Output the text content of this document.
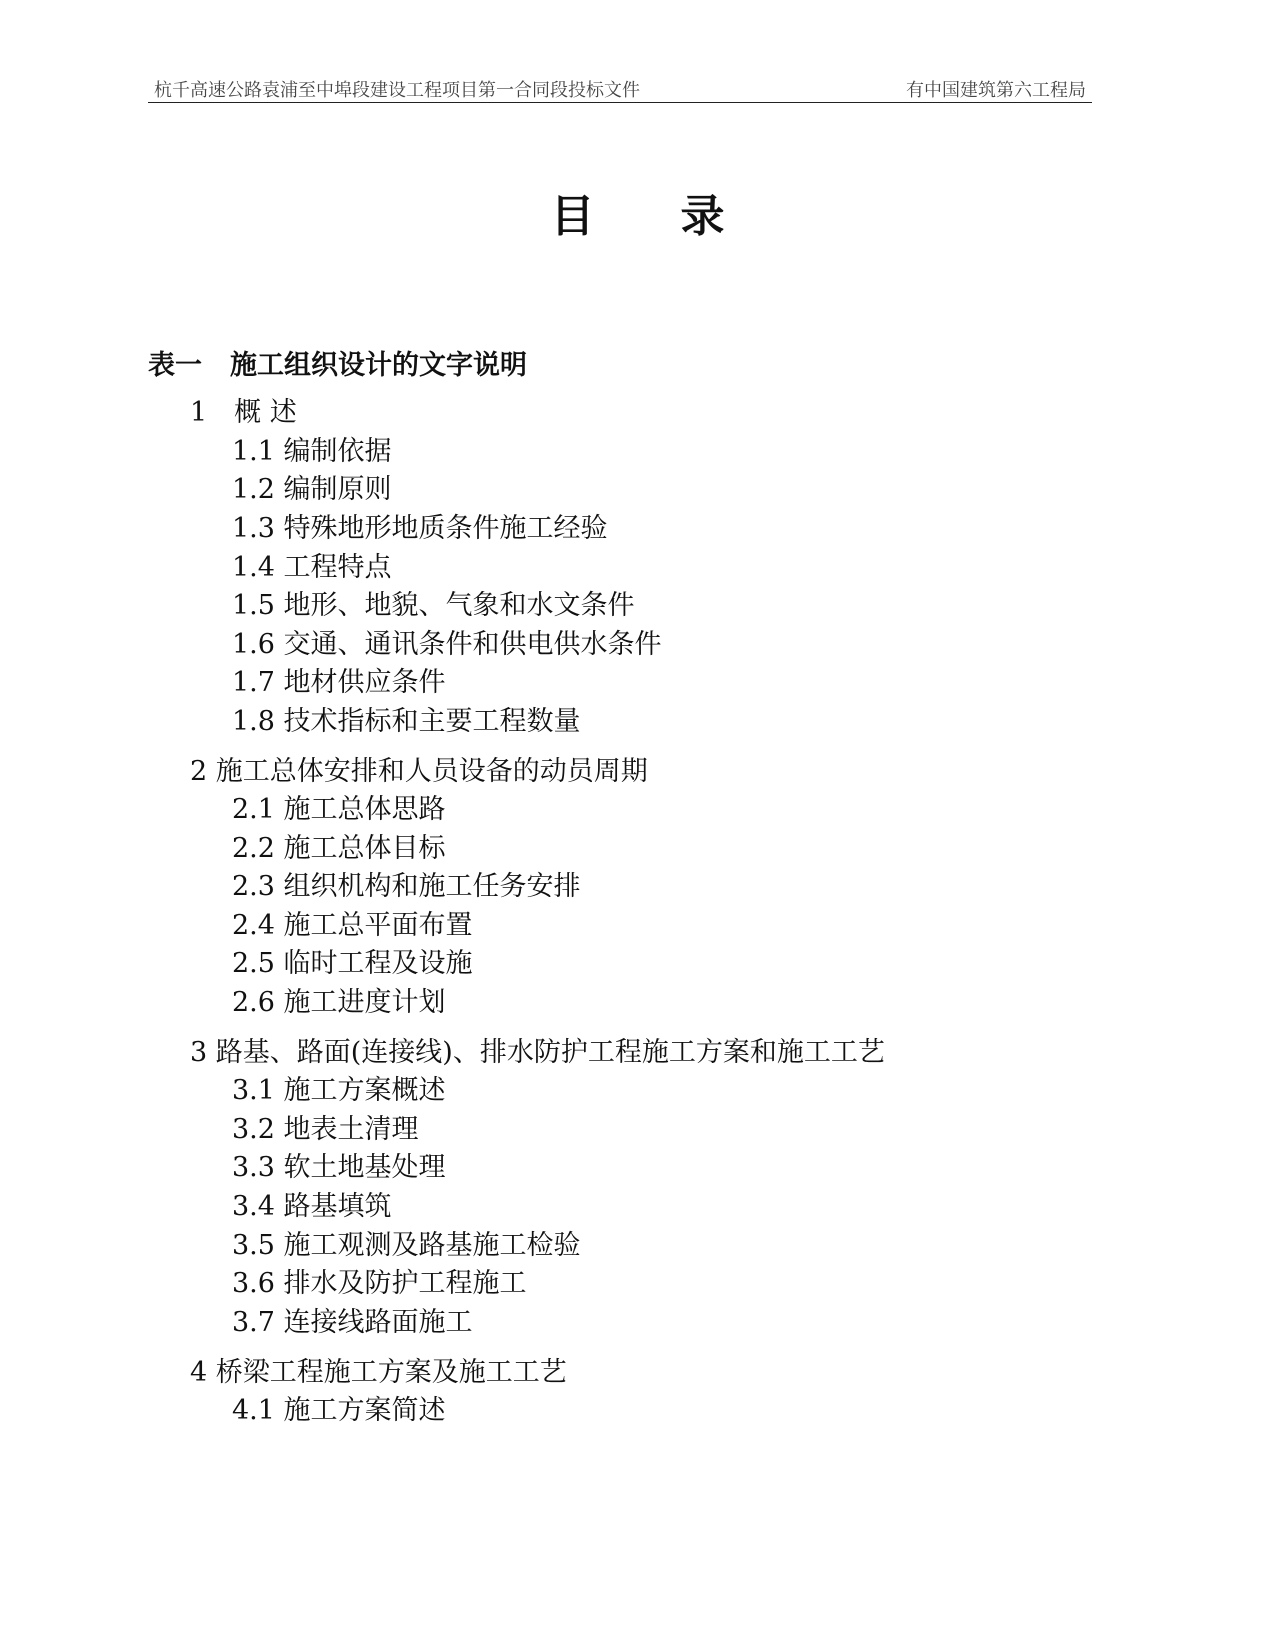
杭千高速公路袁浦至中埠段建设工程项目第一合同段投标文件	有中国建筑第六工程局
目 录
表一 施工组织设计的文字说明
1　概 述
1.1 编制依据
1.2 编制原则
1.3 特殊地形地质条件施工经验
1.4 工程特点
1.5 地形、地貌、气象和水文条件
1.6 交通、通讯条件和供电供水条件
1.7 地材供应条件
1.8 技术指标和主要工程数量
2 施工总体安排和人员设备的动员周期
2.1 施工总体思路
2.2 施工总体目标
2.3 组织机构和施工任务安排
2.4 施工总平面布置
2.5 临时工程及设施
2.6 施工进度计划
3 路基、路面(连接线)、排水防护工程施工方案和施工工艺
3.1 施工方案概述
3.2 地表土清理
3.3 软土地基处理
3.4 路基填筑
3.5 施工观测及路基施工检验
3.6 排水及防护工程施工
3.7 连接线路面施工
4 桥梁工程施工方案及施工工艺
4.1 施工方案简述
